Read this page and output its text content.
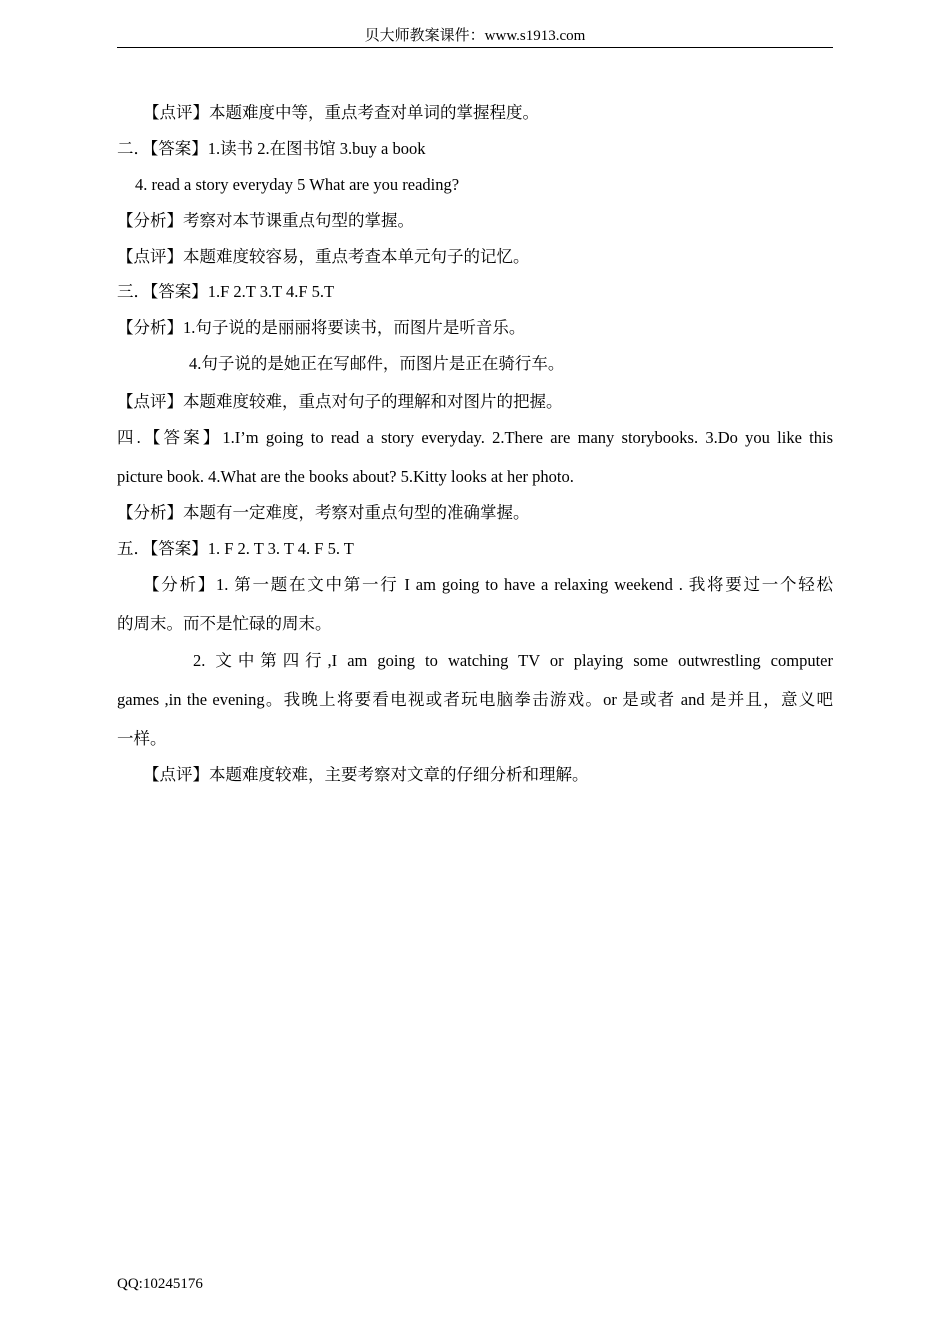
贝大师教案课件：www.s1913.com
【点评】本题难度中等，重点考查对单词的掌握程度。
二．【答案】1.读书 2.在图书馆 3.buy a book
4. read a story everyday 5 What are you reading?
【分析】考察对本节课重点句型的掌握。
【点评】本题难度较容易，重点考查本单元句子的记忆。
三．【答案】1.F 2.T 3.T 4.F 5.T
【分析】1.句子说的是丽丽将要读书，而图片是听音乐。
4.句子说的是她正在写邮件，而图片是正在骑行车。
【点评】本题难度较难，重点对句子的理解和对图片的把握。
四.【答案】1.I’m going to read a story everyday. 2.There are many storybooks. 3.Do you like this
picture book. 4.What are the books about? 5.Kitty looks at her photo.
【分析】本题有一定难度，考察对重点句型的准确掌握。
五．【答案】1. F 2. T 3. T 4. F 5. T
【分析】1. 第一题在文中第一行 I am going to have a relaxing weekend . 我将要过一个轻松
的周末。而不是忙碌的周末。
2. 文中第四行,I am going to watching TV or playing some outwrestling computer
games ,in the evening。我晚上将要看电视或者玩电脑拳击游戏。or 是或者 and 是并且，意义吧
一样。
【点评】本题难度较难，主要考察对文章的仔细分析和理解。
QQ:10245176
